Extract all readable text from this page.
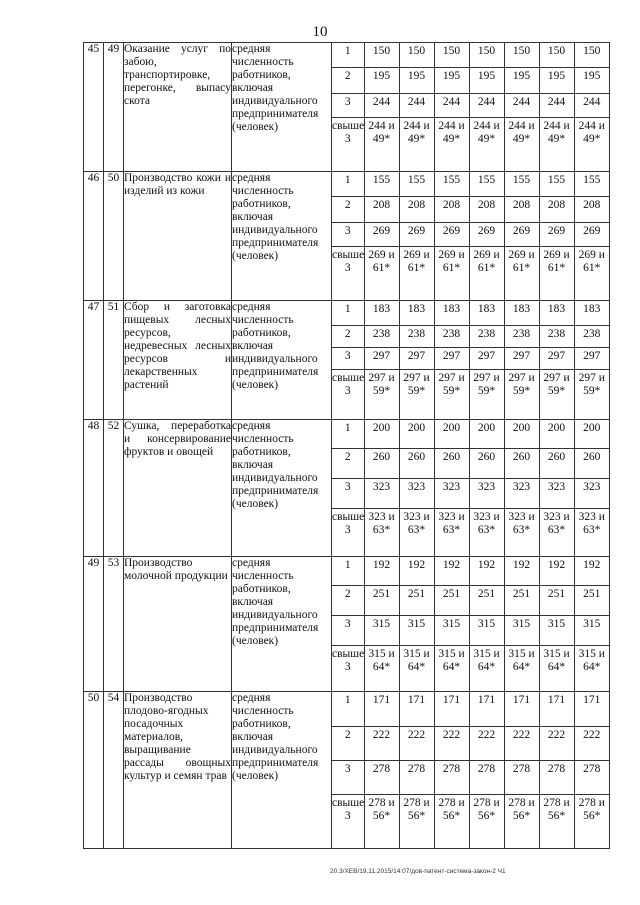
10
45	49	Оказание услуг по забою, транспортировке, перегонке, выпасу скота	средняя численность работников, включая индивидуального предпринимателя (человек)	
1	150	150	150	150	150	150	150
2	195	195	195	195	195	195	195
3	244	244	244	244	244	244	244
свыше 3	244 и 49*	244 и 49*	244 и 49*	244 и 49*	244 и 49*	244 и 49*	244 и 49*

46	50	Производство кожи и изделий из кожи	средняя численность работников, включая индивидуального предпринимателя (человек)	
1	155	155	155	155	155	155	155
2	208	208	208	208	208	208	208
3	269	269	269	269	269	269	269
свыше 3	269 и 61*	269 и 61*	269 и 61*	269 и 61*	269 и 61*	269 и 61*	269 и 61*

47	51	Сбор и заготовка пищевых лесных ресурсов, недревесных лесных ресурсов и лекарственных растений	средняя численность работников, включая индивидуального предпринимателя (человек)	
1	183	183	183	183	183	183	183
2	238	238	238	238	238	238	238
3	297	297	297	297	297	297	297
свыше 3	297 и 59*	297 и 59*	297 и 59*	297 и 59*	297 и 59*	297 и 59*	297 и 59*

48	52	Сушка, переработка и консервирование фруктов и овощей	средняя численность работников, включая индивидуального предпринимателя (человек)	
1	200	200	200	200	200	200	200
2	260	260	260	260	260	260	260
3	323	323	323	323	323	323	323
свыше 3	323 и 63*	323 и 63*	323 и 63*	323 и 63*	323 и 63*	323 и 63*	323 и 63*

49	53	Производство молочной продукции	средняя численность работников, включая индивидуального предпринимателя (человек)	
1	192	192	192	192	192	192	192
2	251	251	251	251	251	251	251
3	315	315	315	315	315	315	315
свыше 3	315 и 64*	315 и 64*	315 и 64*	315 и 64*	315 и 64*	315 и 64*	315 и 64*

50	54	Производство плодово-ягодных посадочных материалов, выращивание рассады овощных культур и семян трав	средняя численность работников, включая индивидуального предпринимателя (человек)	
1	171	171	171	171	171	171	171
2	222	222	222	222	222	222	222
3	278	278	278	278	278	278	278
свыше 3	278 и 56*	278 и 56*	278 и 56*	278 и 56*	278 и 56*	278 и 56*	278 и 56*
20.3/ХЕВ/19.11.2015/14:07/дов-патент-система-закон-2 Ч1
